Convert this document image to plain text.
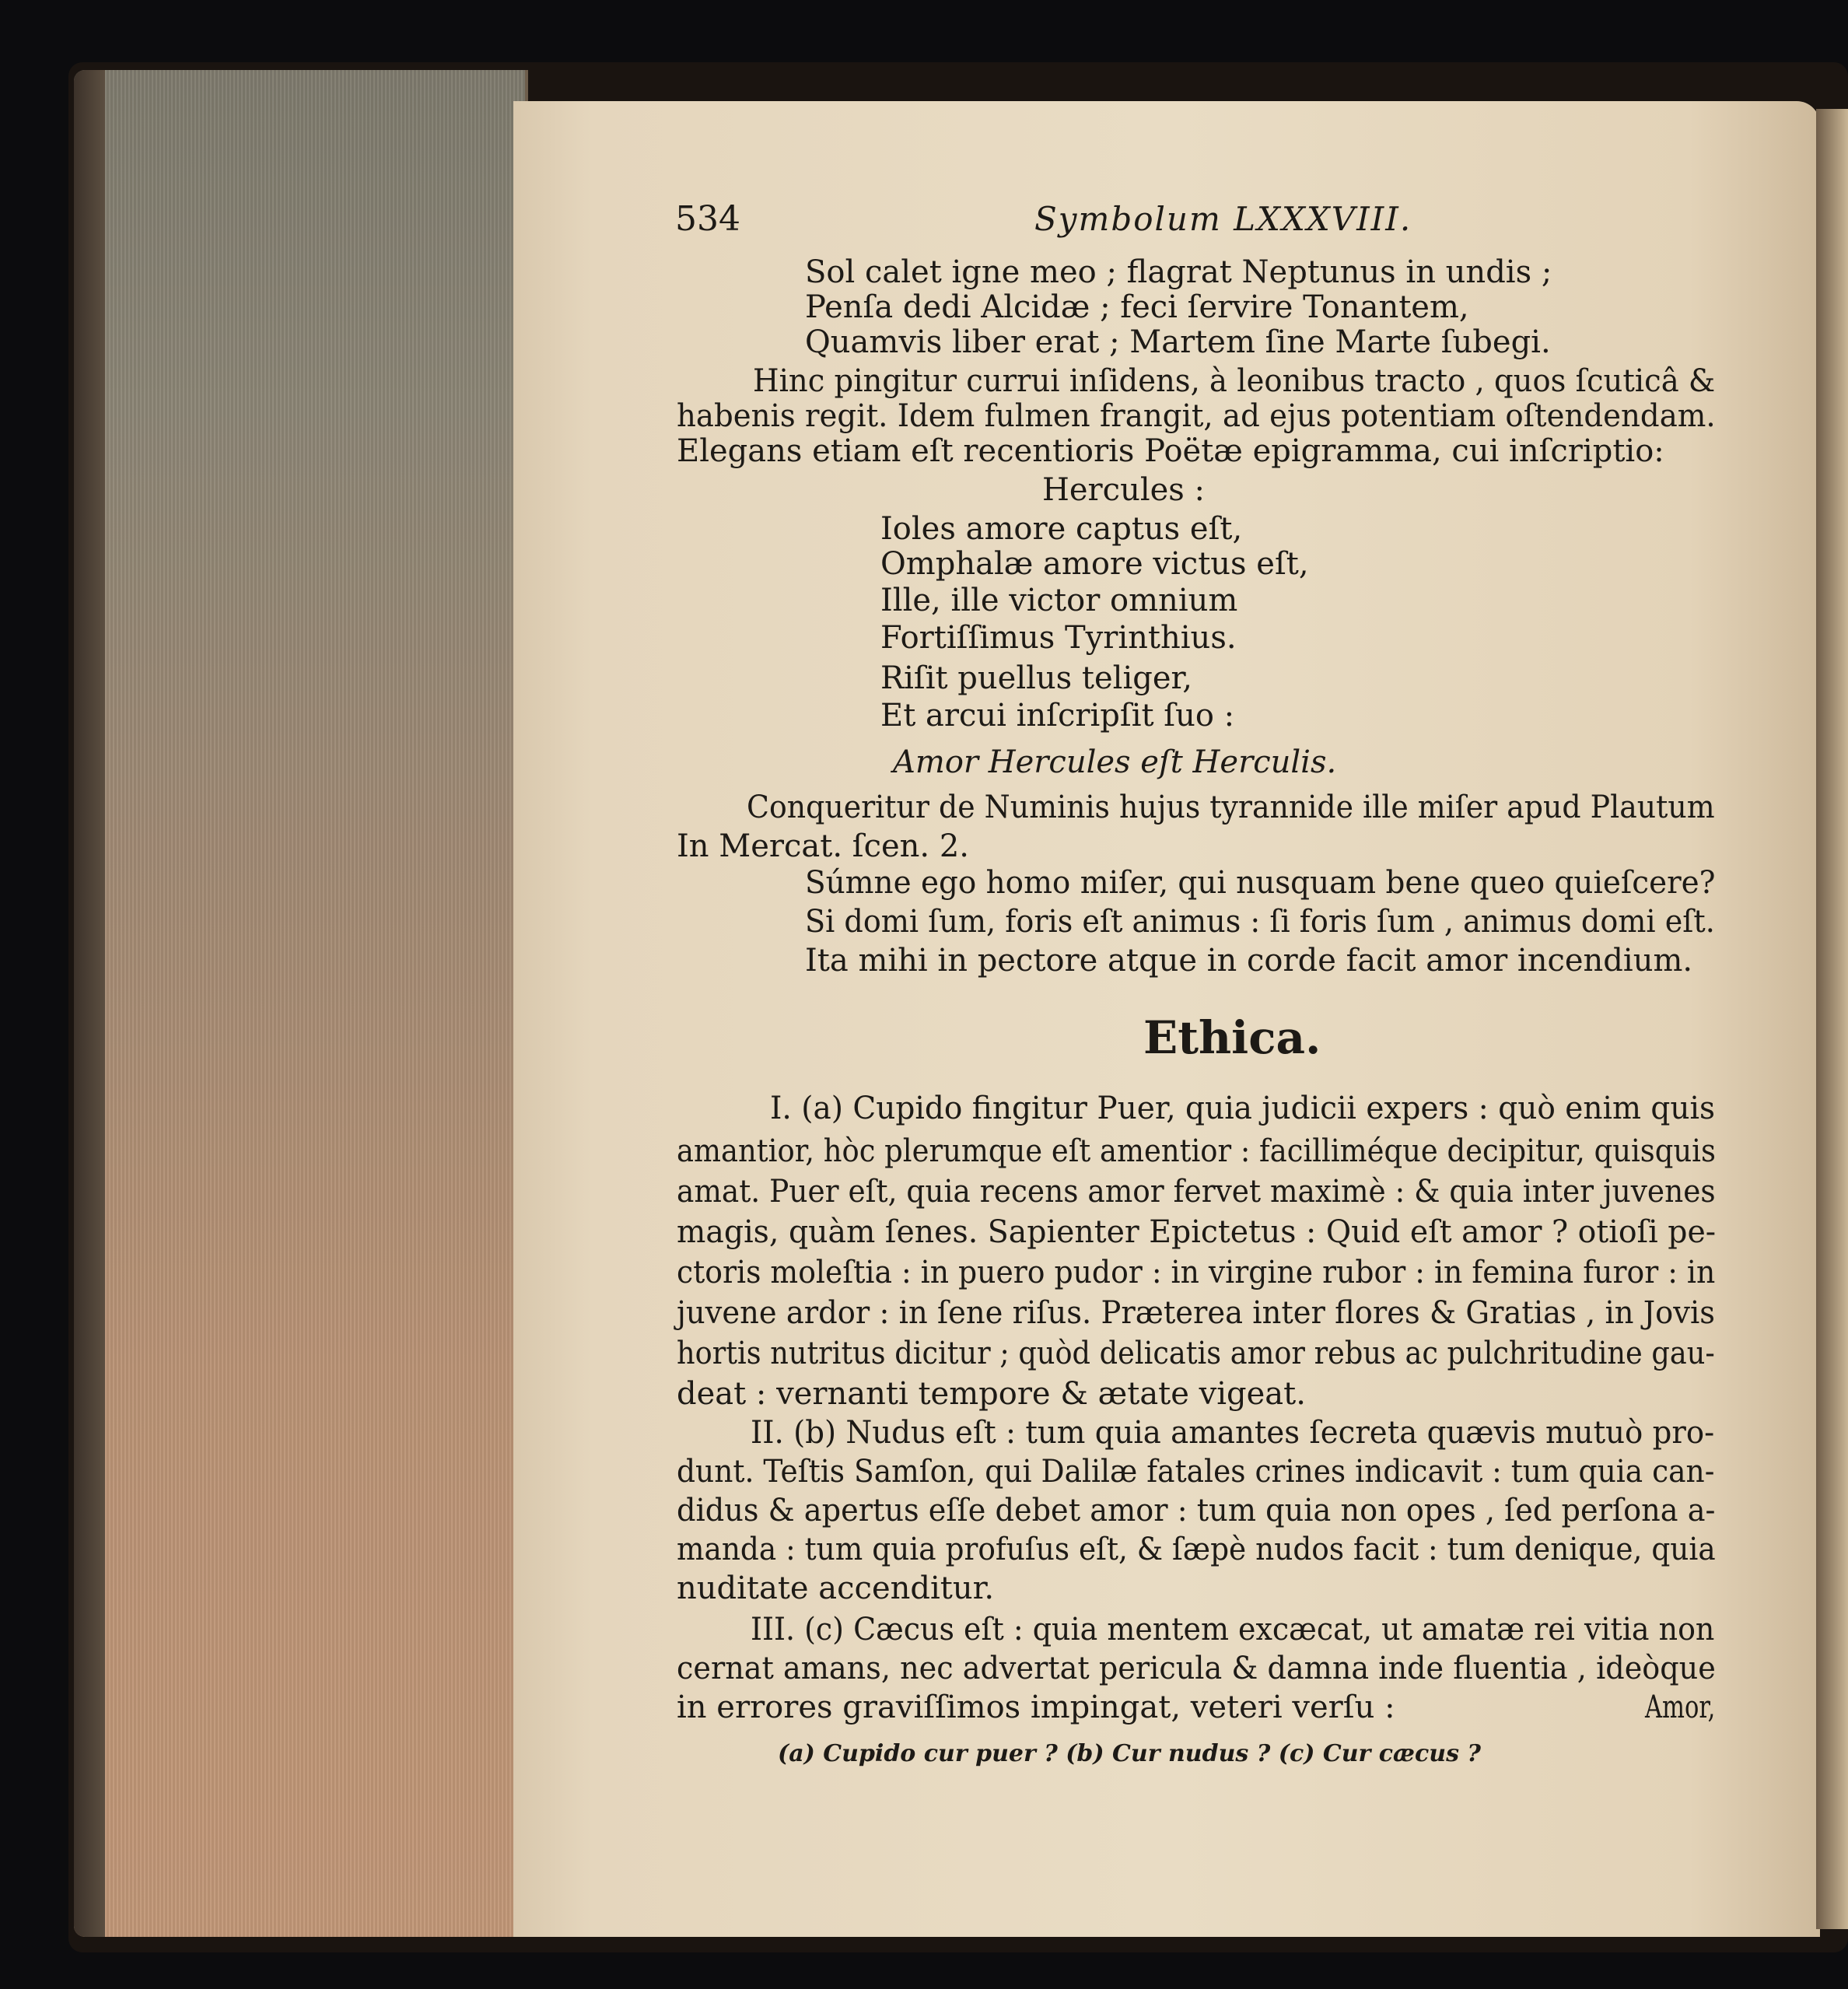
534	Symbolum LXXXVIII.
Sol calet igne meo ; flagrat Neptunus in undis ;
Penſa dedi Alcidæ ; feci ſervire Tonantem,
Quamvis liber erat ; Martem ſine Marte ſubegi.
Hinc pingitur currui inſidens, à leonibus tracto , quos ſcuticâ &
habenis regit. Idem fulmen frangit, ad ejus potentiam oſtendendam.
Elegans etiam eſt recentioris Poëtæ epigramma, cui inſcriptio:
Hercules :
Ioles amore captus eſt,
Omphalæ amore victus eſt,
Ille, ille victor omnium
Fortiſſimus Tyrinthius.
Riſit puellus teliger,
Et arcui inſcripſit ſuo :
Amor Hercules eſt Herculis.
Conqueritur de Numinis hujus tyrannide ille miſer apud Plautum
In Mercat. ſcen. 2.
Súmne ego homo miſer, qui nusquam bene queo quieſcere?
Si domi ſum, foris eſt animus : ſi foris ſum , animus domi eſt.
Ita mihi in pectore atque in corde facit amor incendium.
Ethica.
I. (a) Cupido fingitur Puer, quia judicii expers : quò enim quis
amantior, hòc plerumque eſt amentior : facilliméque decipitur, quisquis
amat. Puer eſt, quia recens amor fervet maximè : & quia inter juvenes
magis, quàm ſenes. Sapienter Epictetus : Quid eſt amor ? otioſi pe-
ctoris moleſtia : in puero pudor : in virgine rubor : in femina furor : in
juvene ardor : in ſene riſus. Præterea inter flores & Gratias , in Jovis
hortis nutritus dicitur ; quòd delicatis amor rebus ac pulchritudine gau-
deat : vernanti tempore & ætate vigeat.
II. (b) Nudus eſt : tum quia amantes ſecreta quævis mutuò pro-
dunt. Teſtis Samſon, qui Dalilæ fatales crines indicavit : tum quia can-
didus & apertus eſſe debet amor : tum quia non opes , ſed perſona a-
manda : tum quia profuſus eſt, & ſæpè nudos facit : tum denique, quia
nuditate accenditur.
III. (c) Cæcus eſt : quia mentem excæcat, ut amatæ rei vitia non
cernat amans, nec advertat pericula & damna inde fluentia , ideòque
in errores graviſſimos impingat, veteri verſu :	Amor,
(a) Cupido cur puer ? (b) Cur nudus ? (c) Cur cæcus ?
